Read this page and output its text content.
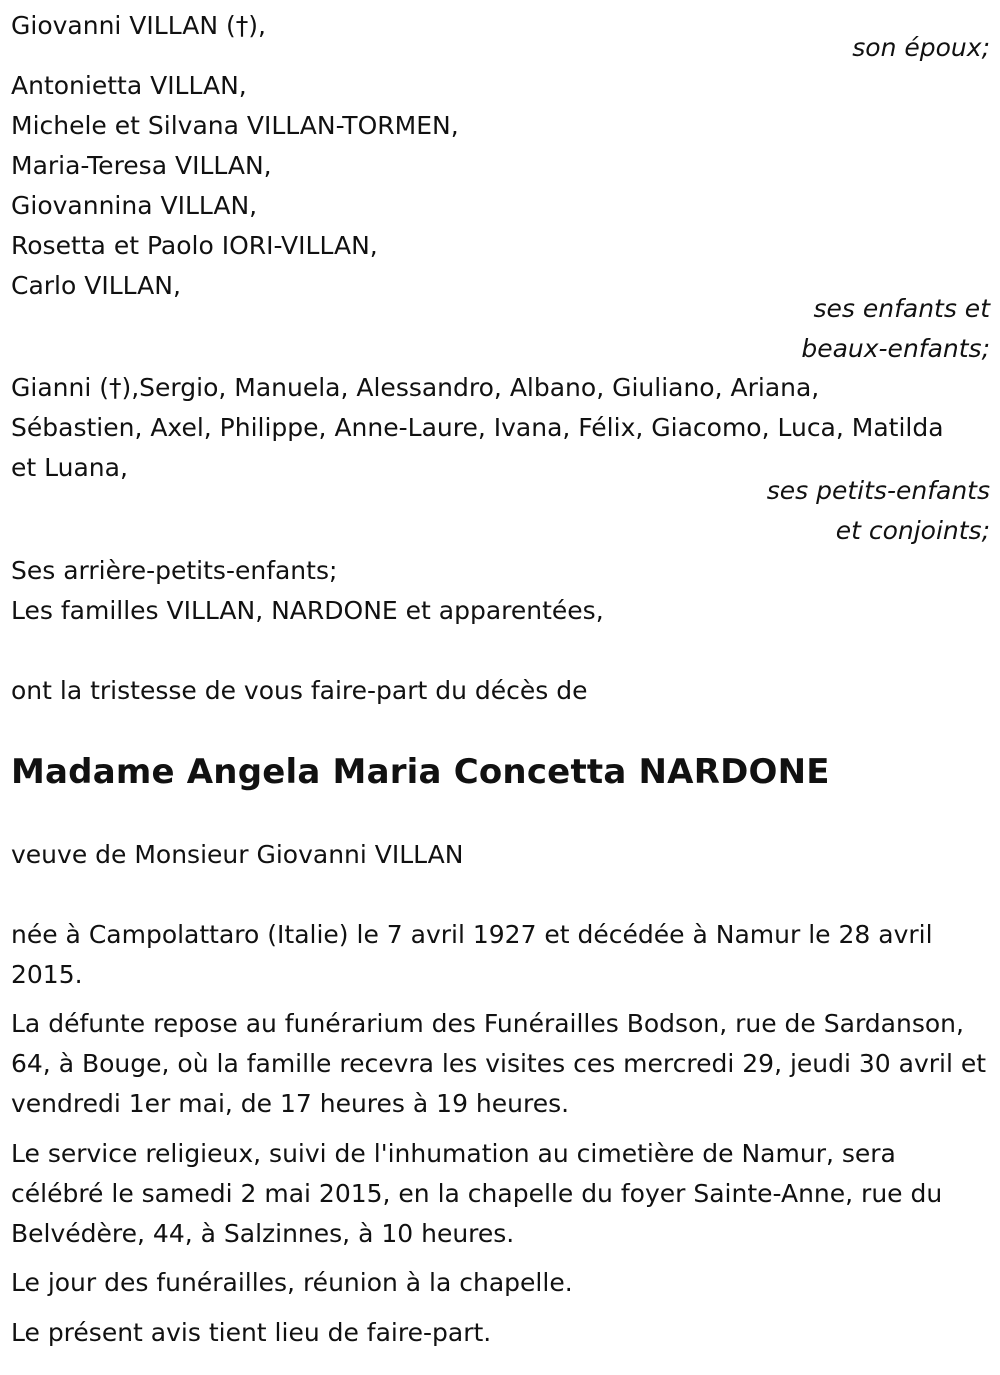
Giovanni VILLAN (†),
son époux;
Antonietta VILLAN,
Michele et Silvana VILLAN-TORMEN,
Maria-Teresa VILLAN,
Giovannina VILLAN,
Rosetta et Paolo IORI-VILLAN,
Carlo VILLAN,
ses enfants et
beaux-enfants;
Gianni (†),Sergio, Manuela, Alessandro, Albano, Giuliano, Ariana,
Sébastien, Axel, Philippe, Anne-Laure, Ivana, Félix, Giacomo, Luca, Matilda
et Luana,
ses petits-enfants
et conjoints;
Ses arrière-petits-enfants;
Les familles VILLAN, NARDONE et apparentées,
ont la tristesse de vous faire-part du décès de
Madame Angela Maria Concetta NARDONE
veuve de Monsieur Giovanni VILLAN
née à Campolattaro (Italie) le 7 avril 1927 et décédée à Namur le 28 avril 2015.
La défunte repose au funérarium des Funérailles Bodson, rue de Sardanson, 64, à Bouge, où la famille recevra les visites ces mercredi 29, jeudi 30 avril et vendredi 1er mai, de 17 heures à 19 heures.
Le service religieux, suivi de l'inhumation au cimetière de Namur, sera célébré le samedi 2 mai 2015, en la chapelle du foyer Sainte-Anne, rue du Belvédère, 44, à Salzinnes, à 10 heures.
Le jour des funérailles, réunion à la chapelle.
Le présent avis tient lieu de faire-part.
